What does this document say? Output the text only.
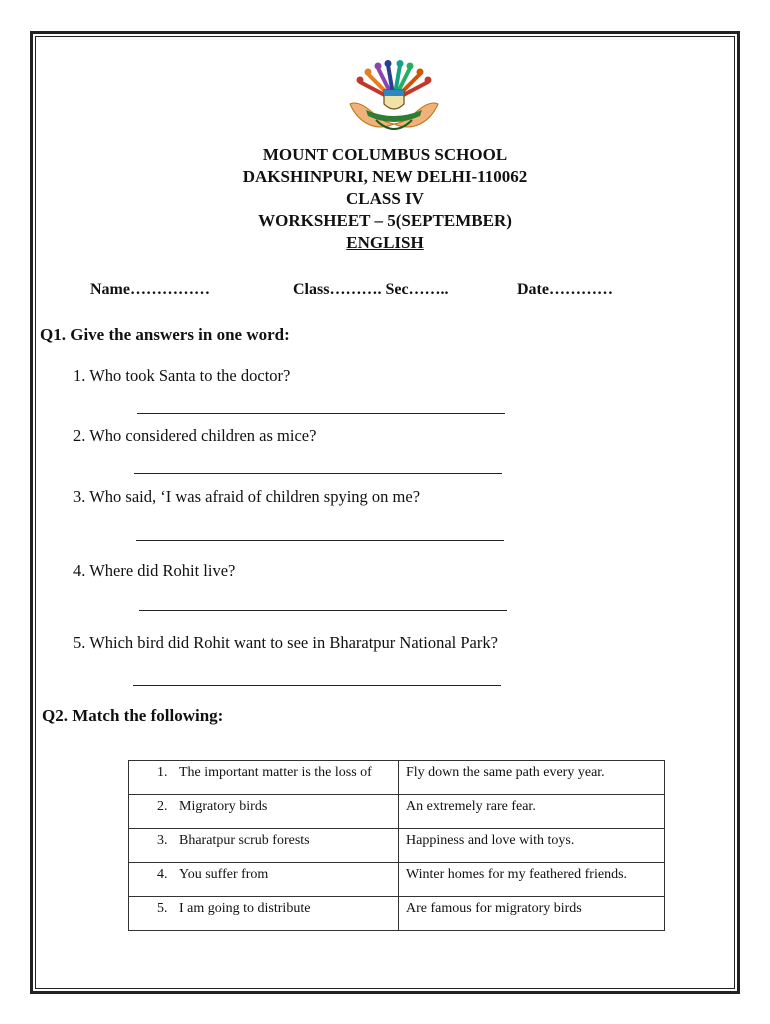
MOUNT COLUMBUS SCHOOL
DAKSHINPURI, NEW DELHI-110062
CLASS IV
WORKSHEET – 5(SEPTEMBER)
ENGLISH
Name……………	Class………. Sec……..	Date…………
Q1. Give the answers in one word:
1. Who took Santa to the doctor?
2. Who considered children as mice?
3. Who said, ‘I was afraid of children spying on me?
4. Where did Rohit live?
5. Which bird did Rohit want to see in Bharatpur National Park?
Q2. Match the following:
1. The important matter is the loss of	Fly down the same path every year.
2. Migratory birds	An extremely rare fear.
3. Bharatpur scrub forests	Happiness and love with toys.
4. You suffer from	Winter homes for my feathered friends.
5. I am going to distribute	Are famous for migratory birds
